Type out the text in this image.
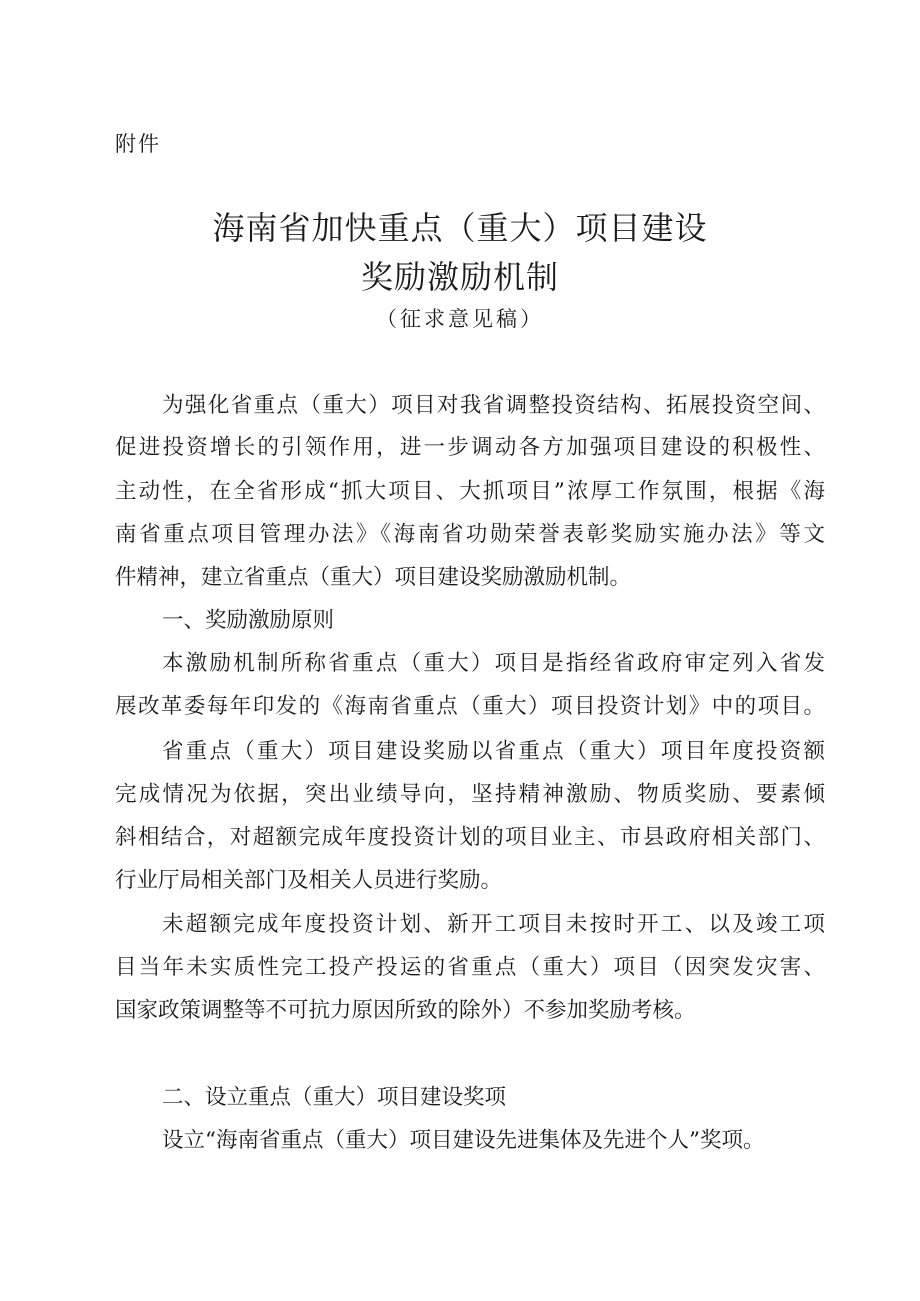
附件
海南省加快重点（重大）项目建设
奖励激励机制
（征求意见稿）
为强化省重点（重大）项目对我省调整投资结构、拓展投资空间、
促进投资增长的引领作用，进一步调动各方加强项目建设的积极性、
主动性，在全省形成“抓大项目、大抓项目”浓厚工作氛围，根据《海
南省重点项目管理办法》《海南省功勋荣誉表彰奖励实施办法》等文
件精神，建立省重点（重大）项目建设奖励激励机制。
一、奖励激励原则
本激励机制所称省重点（重大）项目是指经省政府审定列入省发
展改革委每年印发的《海南省重点（重大）项目投资计划》中的项目。
省重点（重大）项目建设奖励以省重点（重大）项目年度投资额
完成情况为依据，突出业绩导向，坚持精神激励、物质奖励、要素倾
斜相结合，对超额完成年度投资计划的项目业主、市县政府相关部门、
行业厅局相关部门及相关人员进行奖励。
未超额完成年度投资计划、新开工项目未按时开工、以及竣工项
目当年未实质性完工投产投运的省重点（重大）项目（因突发灾害、
国家政策调整等不可抗力原因所致的除外）不参加奖励考核。
二、设立重点（重大）项目建设奖项
设立“海南省重点（重大）项目建设先进集体及先进个人”奖项。
